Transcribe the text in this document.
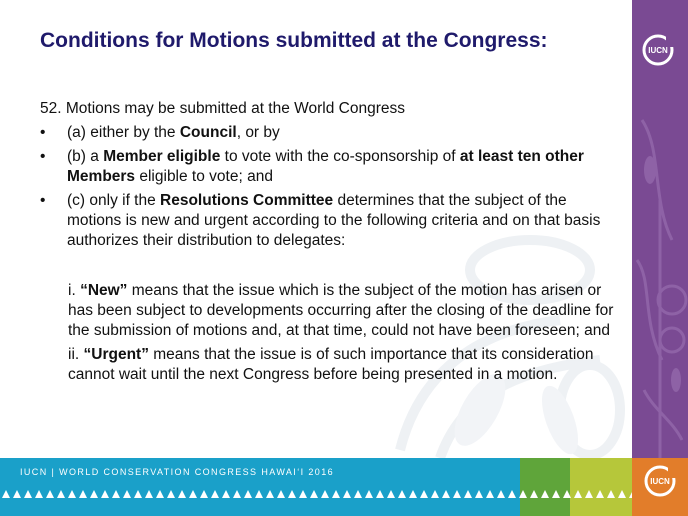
IUCN
Conditions for Motions submitted at the Congress:

52. Motions may be submitted at the World Congress

• (a) either by the Council, or by
• (b) a Member eligible to vote with the co-sponsorship of at least ten other Members eligible to vote; and
• (c) only if the Resolutions Committee determines that the subject of the motions is new and urgent according to the following criteria and on that basis authorizes their distribution to delegates:

i. “New” means that the issue which is the subject of the motion has arisen or has been subject to developments occurring after the closing of the deadline for the submission of motions and, at that time, could not have been foreseen; and

ii. “Urgent” means that the issue is of such importance that its consideration cannot wait until the next Congress before being presented in a motion.

IUCN | WORLD CONSERVATION CONGRESS HAWAI‘I 2016
IUCN
